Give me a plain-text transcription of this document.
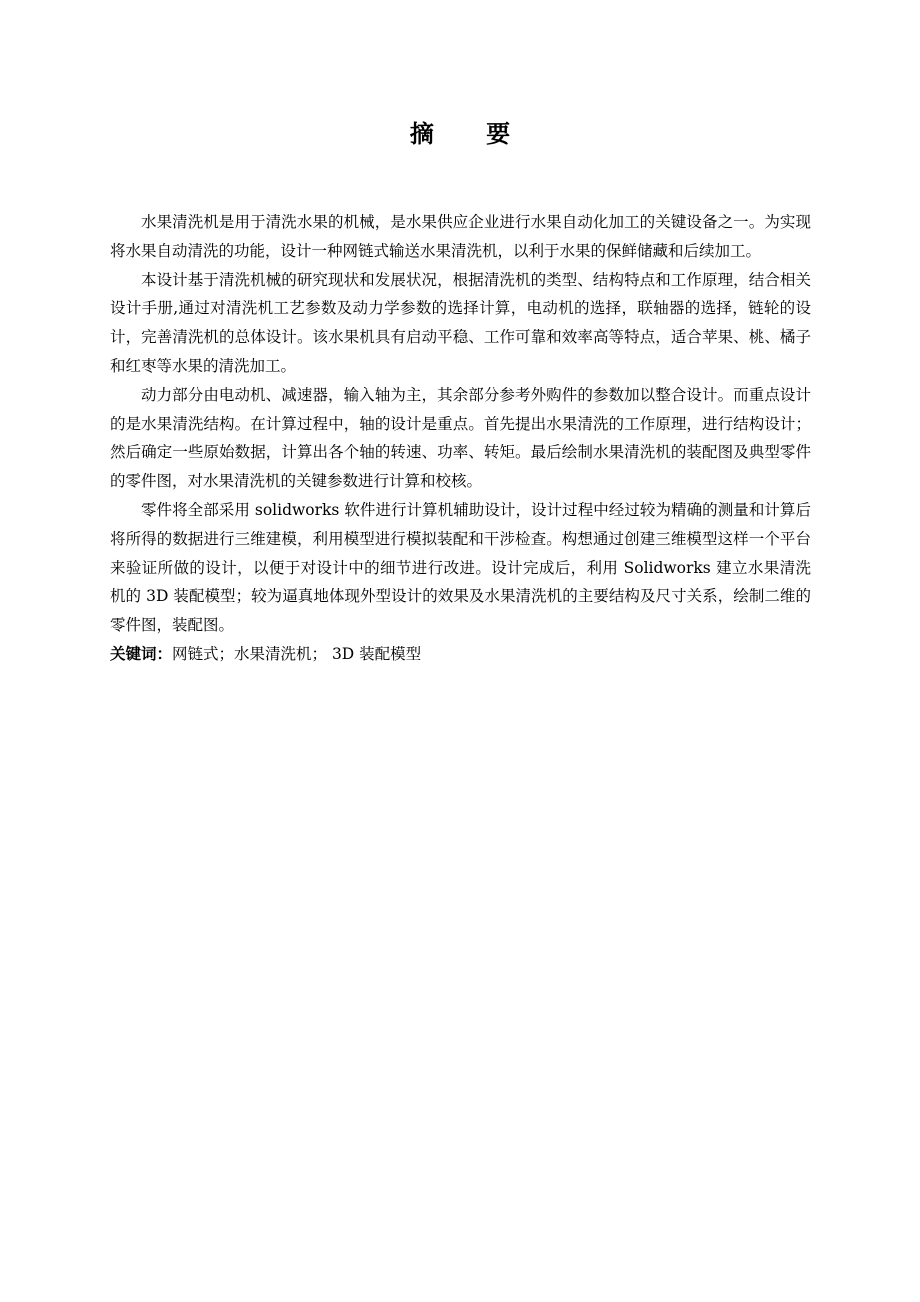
摘 要

水果清洗机是用于清洗水果的机械，是水果供应企业进行水果自动化加工的关键设备之一。为实现将水果自动清洗的功能，设计一种网链式输送水果清洗机，以利于水果的保鲜储藏和后续加工。

本设计基于清洗机械的研究现状和发展状况，根据清洗机的类型、结构特点和工作原理，结合相关设计手册,通过对清洗机工艺参数及动力学参数的选择计算，电动机的选择，联轴器的选择，链轮的设计，完善清洗机的总体设计。该水果机具有启动平稳、工作可靠和效率高等特点，适合苹果、桃、橘子和红枣等水果的清洗加工。

动力部分由电动机、减速器，输入轴为主，其余部分参考外购件的参数加以整合设计。而重点设计的是水果清洗结构。在计算过程中，轴的设计是重点。首先提出水果清洗的工作原理，进行结构设计；然后确定一些原始数据，计算出各个轴的转速、功率、转矩。最后绘制水果清洗机的装配图及典型零件的零件图，对水果清洗机的关键参数进行计算和校核。

零件将全部采用 solidworks 软件进行计算机辅助设计，设计过程中经过较为精确的测量和计算后将所得的数据进行三维建模，利用模型进行模拟装配和干涉检查。构想通过创建三维模型这样一个平台来验证所做的设计，以便于对设计中的细节进行改进。设计完成后，利用 Solidworks 建立水果清洗机的 3D 装配模型；较为逼真地体现外型设计的效果及水果清洗机的主要结构及尺寸关系，绘制二维的零件图，装配图。

关键词：网链式；水果清洗机； 3D 装配模型
